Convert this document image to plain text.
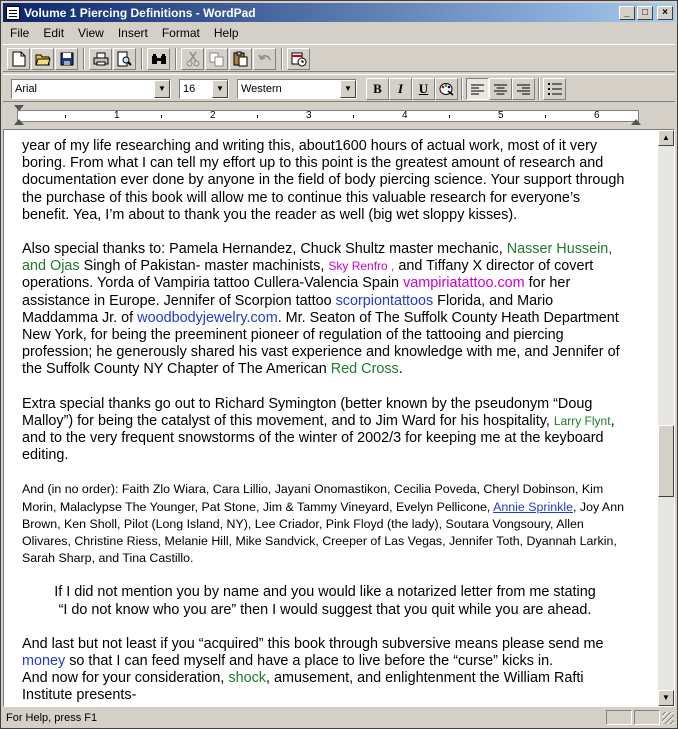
Volume 1 Piercing Definitions - WordPad	_	□	×
File	Edit	View	Insert	Format	Help
Arial	▼	16	▼	Western	▼	B	I	U
1	2	3	4	5	6

year of my life researching and writing this, about1600 hours of actual work, most of it very boring. From what I can tell my effort up to this point is the greatest amount of research and documentation ever done by anyone in the field of body piercing science. Your support through the purchase of this book will allow me to continue this valuable research for everyone’s benefit. Yea, I’m about to thank you the reader as well (big wet sloppy kisses).

Also special thanks to: Pamela Hernandez, Chuck Shultz master mechanic, Nasser Hussein, and Ojas Singh of Pakistan- master machinists, Sky Renfro , and Tiffany X director of covert operations. Yorda of Vampiria tattoo Cullera-Valencia Spain vampiriatattoo.com for her assistance in Europe. Jennifer of Scorpion tattoo scorpiontattoos Florida, and Mario Maddamma Jr. of woodbodyjewelry.com. Mr. Seaton of The Suffolk County Heath Department New York, for being the preeminent pioneer of regulation of the tattooing and piercing profession; he generously shared his vast experience and knowledge with me, and Jennifer of the Suffolk County NY Chapter of The American Red Cross.

Extra special thanks go out to Richard Symington (better known by the pseudonym “Doug Malloy”) for being the catalyst of this movement, and to Jim Ward for his hospitality, Larry Flynt, and to the very frequent snowstorms of the winter of 2002/3 for keeping me at the keyboard editing.

And (in no order): Faith Zlo Wiara, Cara Lillio, Jayani Onomastikon, Cecilia Poveda, Cheryl Dobinson, Kim Morin, Malaclypse The Younger, Pat Stone, Jim & Tammy Vineyard, Evelyn Pellicone, Annie Sprinkle, Joy Ann Brown, Ken Sholl, Pilot (Long Island, NY), Lee Criador, Pink Floyd (the lady), Soutara Vongsoury, Allen Olivares, Christine Riess, Melanie Hill, Mike Sandvick, Creeper of Las Vegas, Jennifer Toth, Dyannah Larkin, Sarah Sharp, and Tina Castillo.

If I did not mention you by name and you would like a notarized letter from me stating

“I do not know who you are” then I would suggest that you quit while you are ahead.

And last but not least if you “acquired” this book through subversive means please send me money so that I can feed myself and have a place to live before the “curse” kicks in.

And now for your consideration, shock, amusement, and enlightenment the William Rafti Institute presents-

▲
▼
For Help, press F1
